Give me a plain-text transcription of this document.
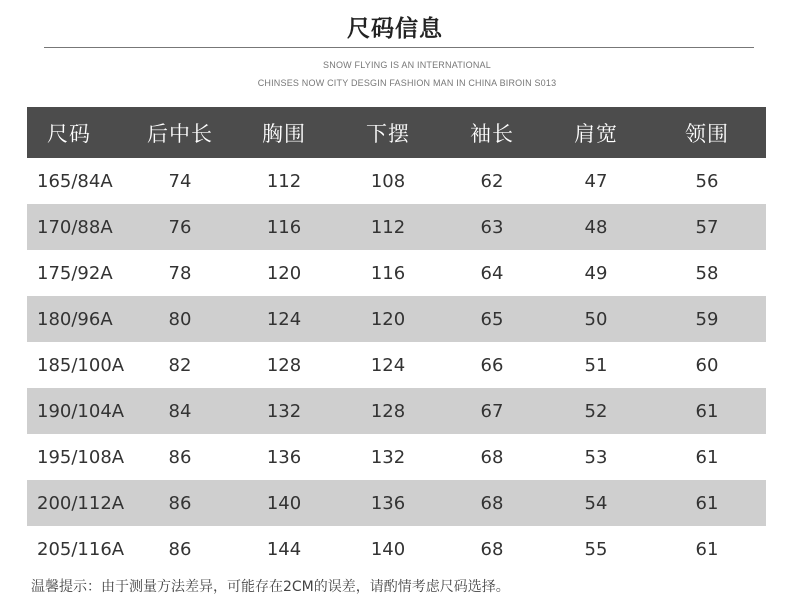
尺码信息
SNOW FLYING IS AN INTERNATIONAL
CHINSES NOW CITY DESGIN FASHION MAN IN CHINA BIROIN S013
尺码	后中长	胸围	下摆	袖长	肩宽	领围
165/84A	74	112	108	62	47	56
170/88A	76	116	112	63	48	57
175/92A	78	120	116	64	49	58
180/96A	80	124	120	65	50	59
185/100A	82	128	124	66	51	60
190/104A	84	132	128	67	52	61
195/108A	86	136	132	68	53	61
200/112A	86	140	136	68	54	61
205/116A	86	144	140	68	55	61
温馨提示：由于测量方法差异，可能存在2CM的误差，请酌情考虑尺码选择。
